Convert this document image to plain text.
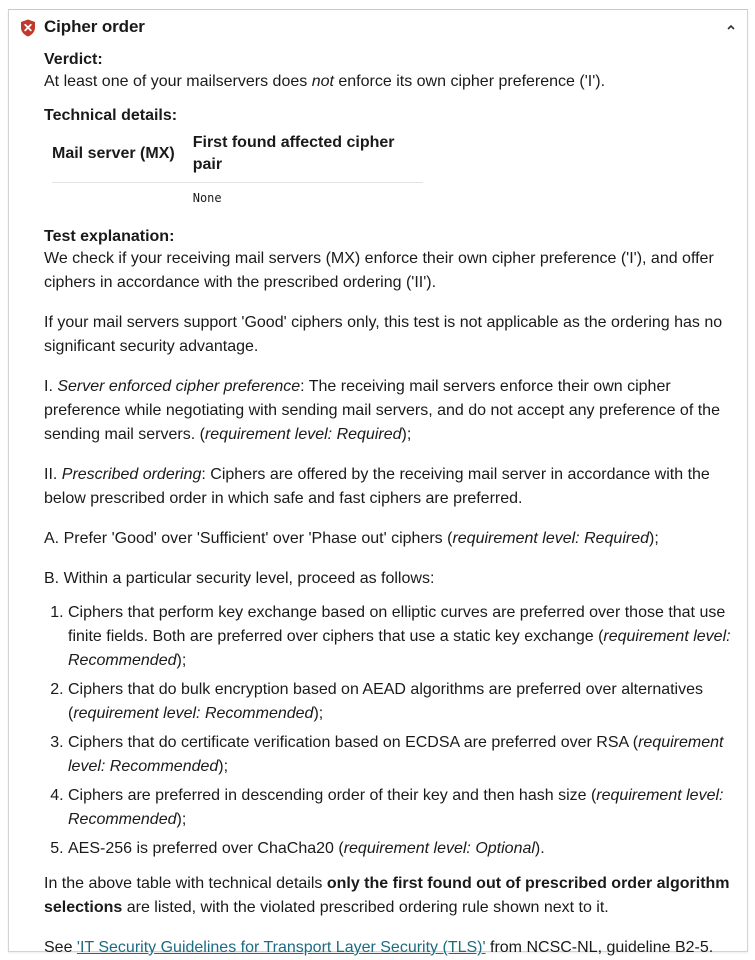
Cipher order
Verdict:
At least one of your mailservers does not enforce its own cipher preference ('I').
Technical details:
Mail server (MX)	First found affected cipher pair
	None
Test explanation:
We check if your receiving mail servers (MX) enforce their own cipher preference ('I'), and offer ciphers in accordance with the prescribed ordering ('II').
If your mail servers support 'Good' ciphers only, this test is not applicable as the ordering has no significant security advantage.
I. Server enforced cipher preference: The receiving mail servers enforce their own cipher preference while negotiating with sending mail servers, and do not accept any preference of the sending mail servers. (requirement level: Required);
II. Prescribed ordering: Ciphers are offered by the receiving mail server in accordance with the below prescribed order in which safe and fast ciphers are preferred.
A. Prefer 'Good' over 'Sufficient' over 'Phase out' ciphers (requirement level: Required);
B. Within a particular security level, proceed as follows:
1. Ciphers that perform key exchange based on elliptic curves are preferred over those that use finite fields. Both are preferred over ciphers that use a static key exchange (requirement level: Recommended);
2. Ciphers that do bulk encryption based on AEAD algorithms are preferred over alternatives (requirement level: Recommended);
3. Ciphers that do certificate verification based on ECDSA are preferred over RSA (requirement level: Recommended);
4. Ciphers are preferred in descending order of their key and then hash size (requirement level: Recommended);
5. AES-256 is preferred over ChaCha20 (requirement level: Optional).
In the above table with technical details only the first found out of prescribed order algorithm selections are listed, with the violated prescribed ordering rule shown next to it.
See 'IT Security Guidelines for Transport Layer Security (TLS)' from NCSC-NL, guideline B2-5.
